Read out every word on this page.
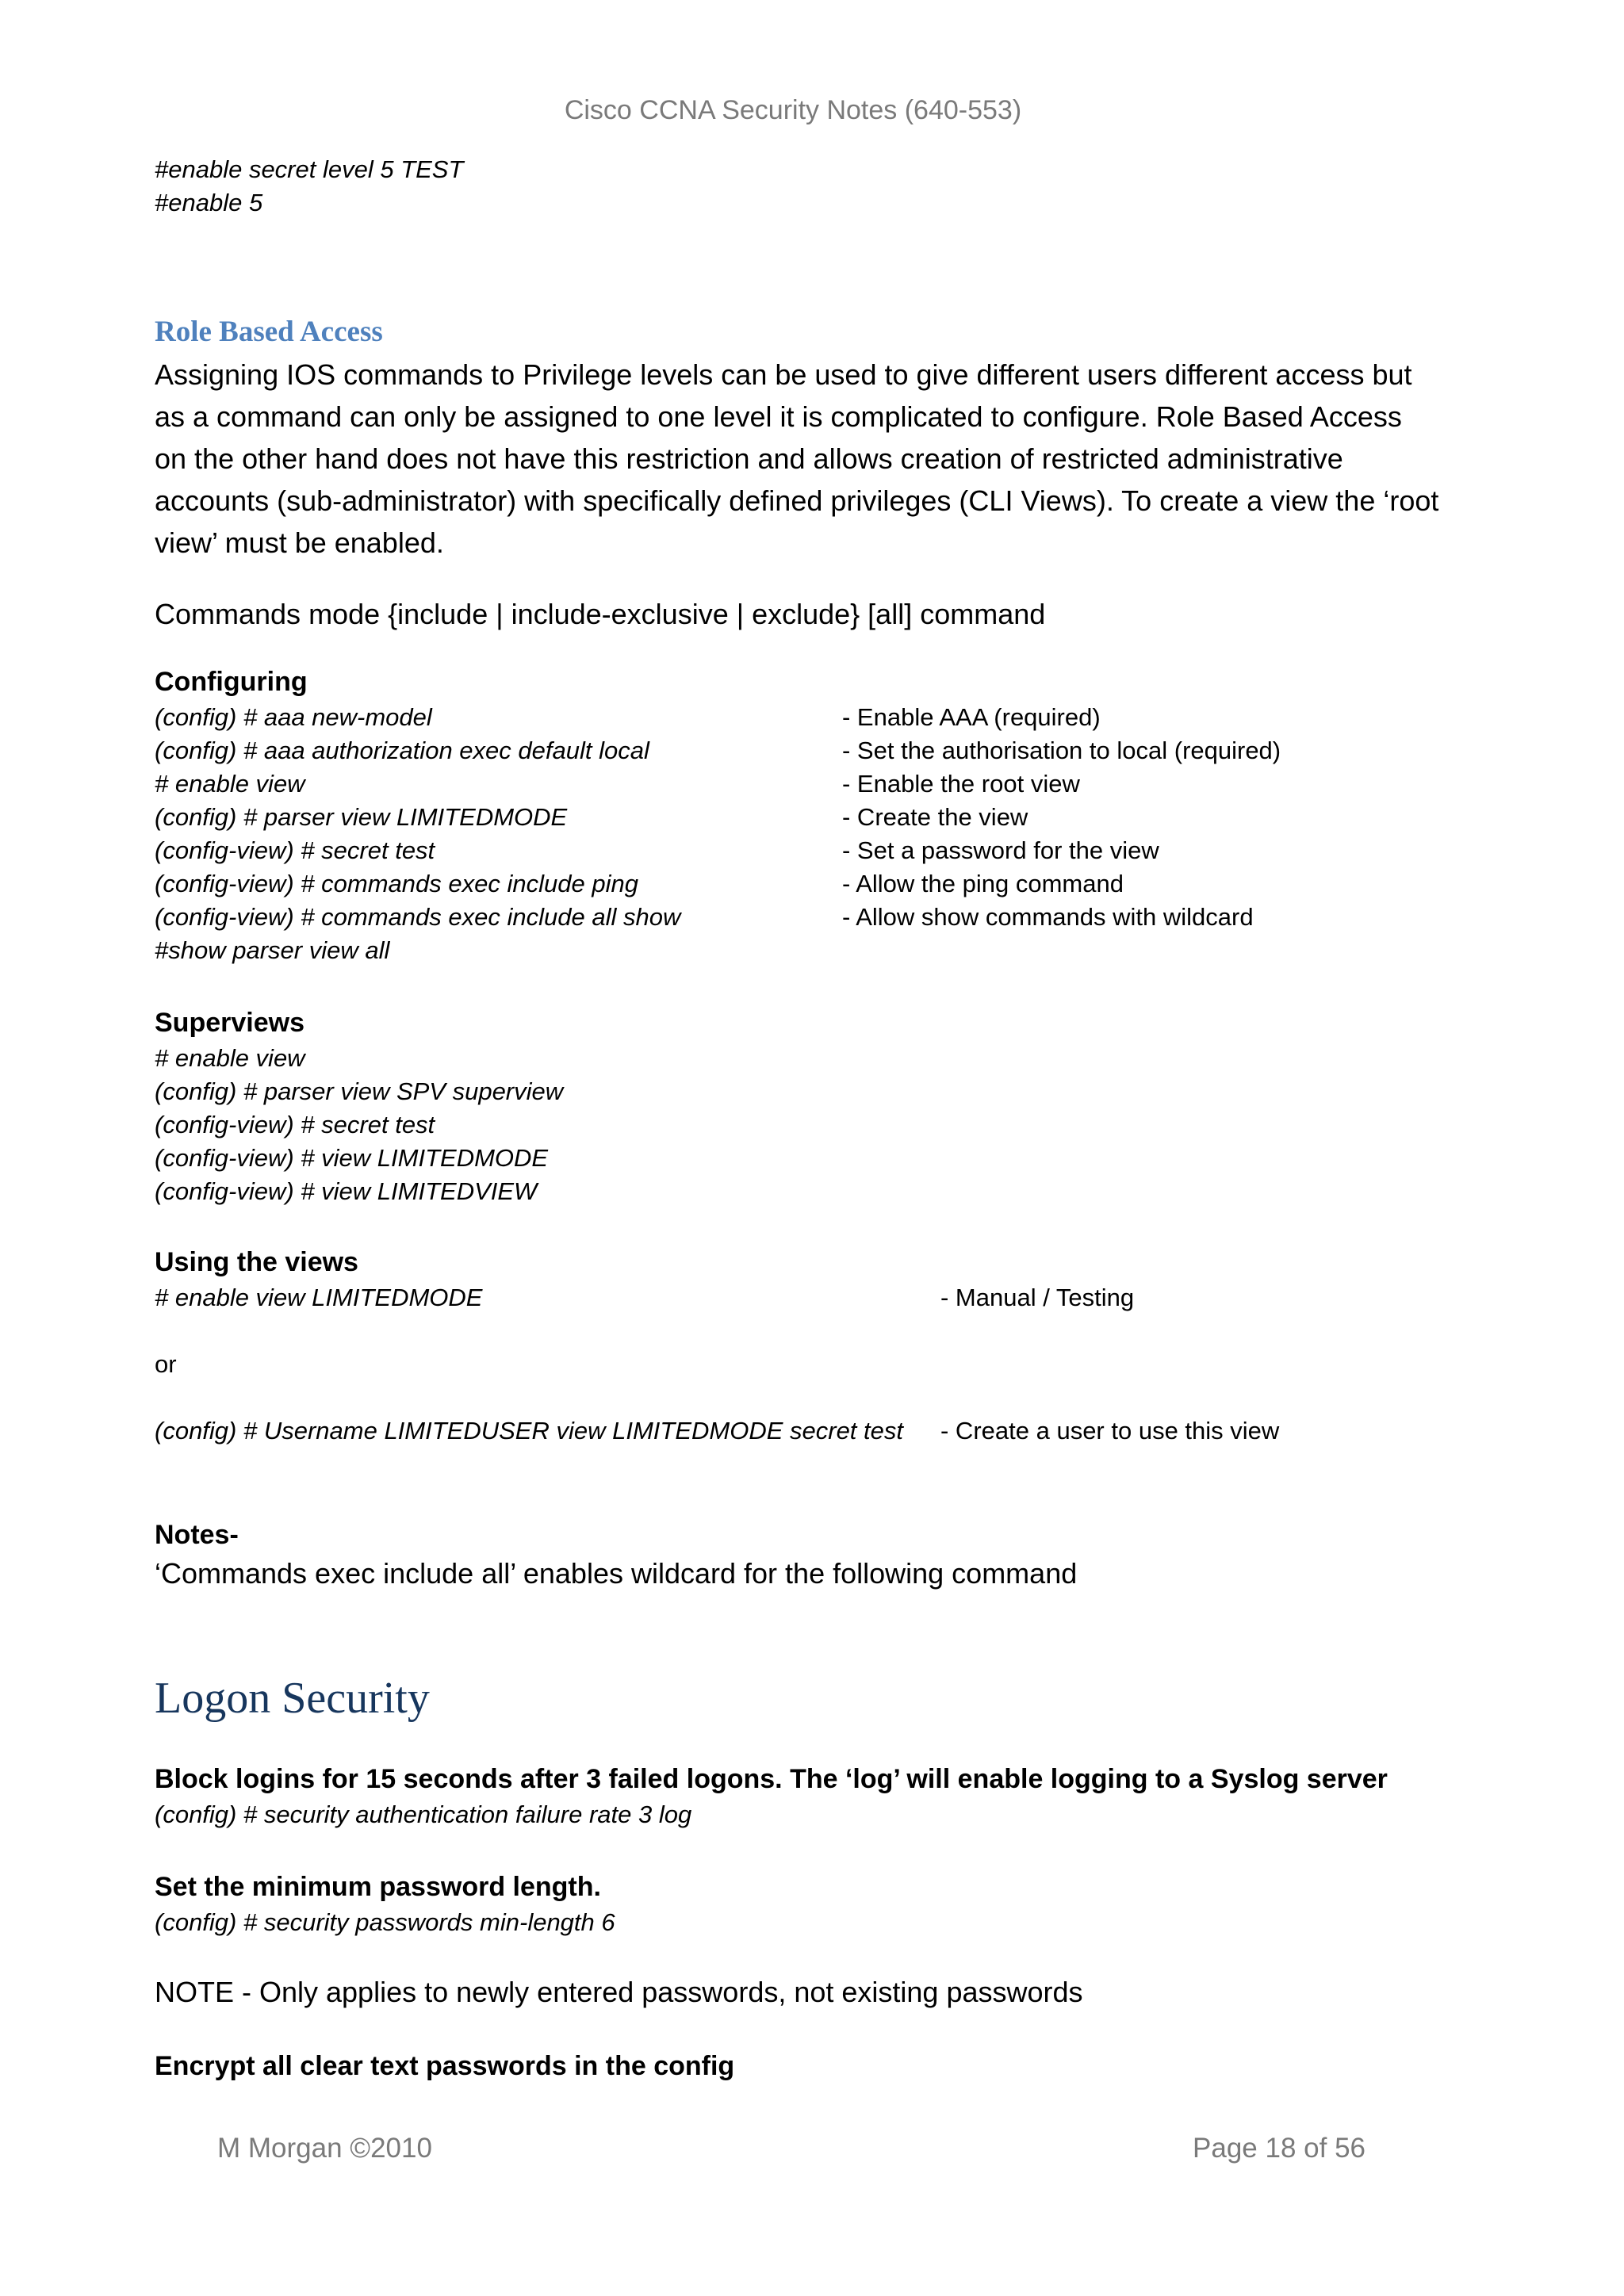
Cisco CCNA Security Notes (640-553)
#enable secret level 5 TEST
#enable 5
Role Based Access
Assigning IOS commands to Privilege levels can be used to give different users different access but as a command can only be assigned to one level it is complicated to configure. Role Based Access on the other hand does not have this restriction and allows creation of restricted administrative accounts (sub-administrator) with specifically defined privileges (CLI Views). To create a view the ‘root view’ must be enabled.
Commands mode {include | include-exclusive | exclude} [all] command
Configuring
(config) # aaa new-model
(config) # aaa authorization exec default local
# enable view
(config) # parser view LIMITEDMODE
(config-view) # secret test
(config-view) # commands exec include ping
(config-view) # commands exec include all show
#show parser view all
- Enable AAA (required)
- Set the authorisation to local (required)
- Enable the root view
- Create the view
- Set a password for the view
- Allow the ping command
- Allow show commands with wildcard
Superviews
# enable view
(config) # parser view SPV superview
(config-view) # secret test
(config-view) # view LIMITEDMODE
(config-view) # view LIMITEDVIEW
Using the views
# enable view LIMITEDMODE	- Manual / Testing
or
(config) # Username LIMITEDUSER view LIMITEDMODE secret test - Create a user to use this view
Notes-
‘Commands exec include all’ enables wildcard for the following command
Logon Security
Block logins for 15 seconds after 3 failed logons. The ‘log’ will enable logging to a Syslog server
(config) # security authentication failure rate 3 log
Set the minimum password length.
(config) # security passwords min-length 6
NOTE - Only applies to newly entered passwords, not existing passwords
Encrypt all clear text passwords in the config
M Morgan ©2010	Page 18 of 56
